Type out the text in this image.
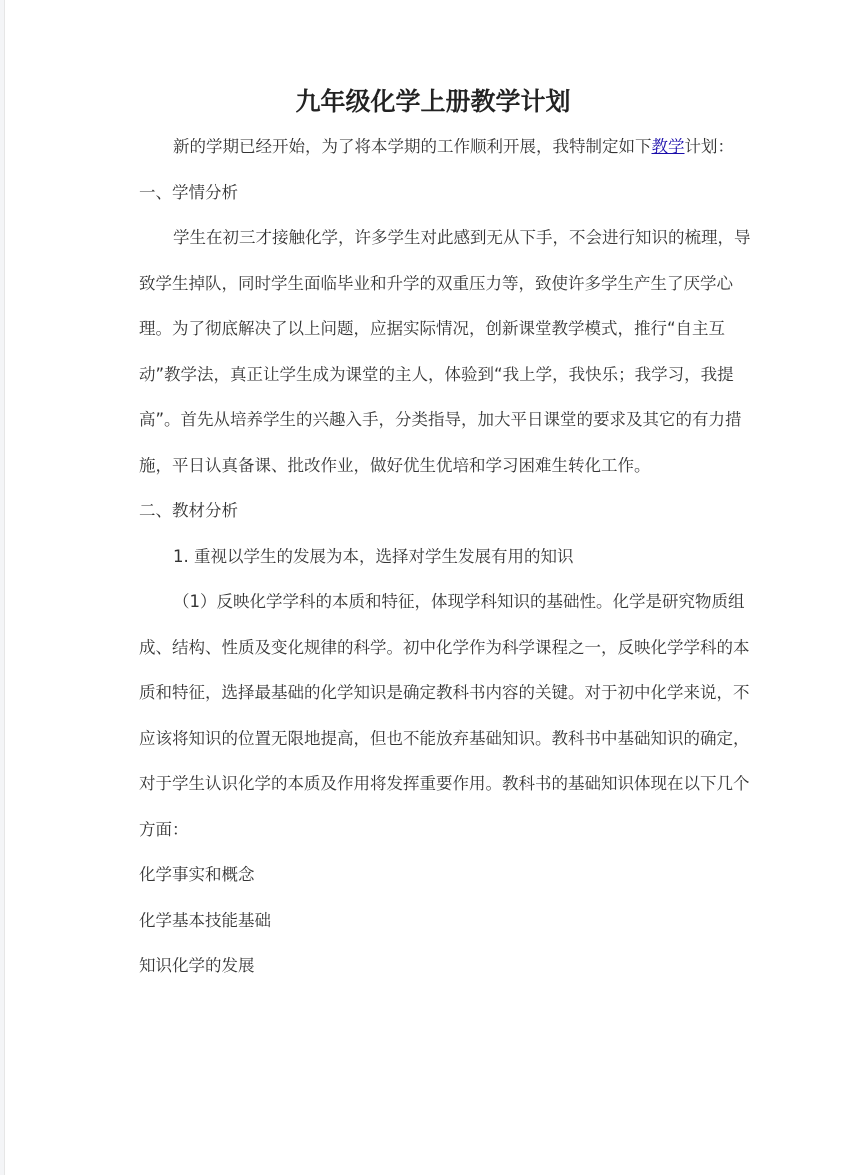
九年级化学上册教学计划

新的学期已经开始，为了将本学期的工作顺利开展，我特制定如下教学计划：

一、学情分析

学生在初三才接触化学，许多学生对此感到无从下手，不会进行知识的梳理，导致学生掉队，同时学生面临毕业和升学的双重压力等，致使许多学生产生了厌学心理。为了彻底解决了以上问题，应据实际情况，创新课堂教学模式，推行“自主互动”教学法，真正让学生成为课堂的主人，体验到“我上学，我快乐；我学习，我提高”。首先从培养学生的兴趣入手，分类指导，加大平日课堂的要求及其它的有力措施，平日认真备课、批改作业，做好优生优培和学习困难生转化工作。

二、教材分析

1. 重视以学生的发展为本，选择对学生发展有用的知识

（1）反映化学学科的本质和特征，体现学科知识的基础性。化学是研究物质组成、结构、性质及变化规律的科学。初中化学作为科学课程之一，反映化学学科的本质和特征，选择最基础的化学知识是确定教科书内容的关键。对于初中化学来说，不应该将知识的位置无限地提高，但也不能放弃基础知识。教科书中基础知识的确定，对于学生认识化学的本质及作用将发挥重要作用。教科书的基础知识体现在以下几个方面：

化学事实和概念

化学基本技能基础

知识化学的发展
